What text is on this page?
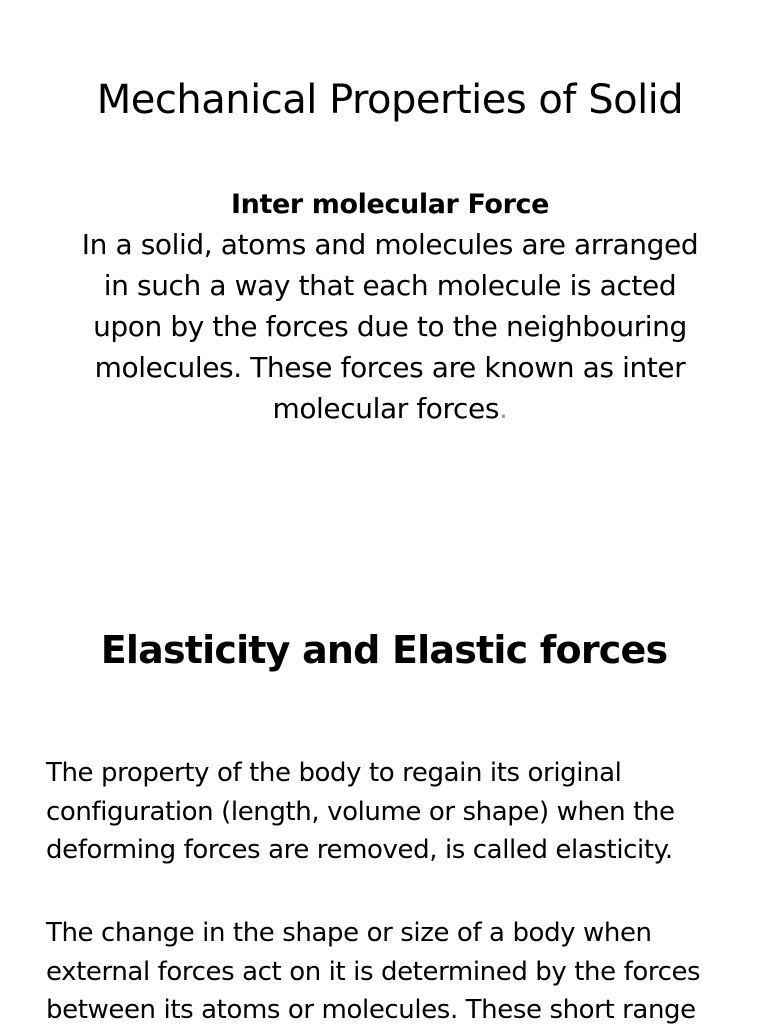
Mechanical Properties of Solid
Inter molecular Force
In a solid, atoms and molecules are arranged in such a way that each molecule is acted upon by the forces due to the neighbouring molecules. These forces are known as inter molecular forces.
Elasticity and Elastic forces

The property of the body to regain its original configuration (length, volume or shape) when the deforming forces are removed, is called elasticity.

The change in the shape or size of a body when external forces act on it is determined by the forces between its atoms or molecules. These short range
